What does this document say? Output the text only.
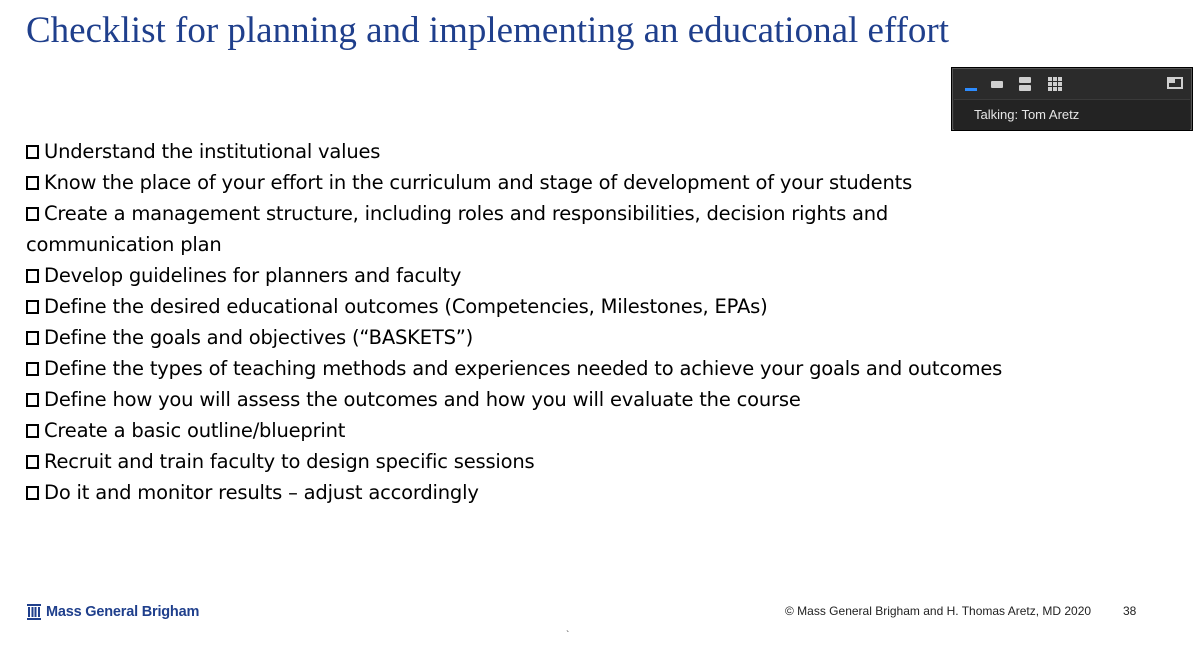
Checklist for planning and implementing an educational effort
Understand the institutional values
Know the place of your effort in the curriculum and stage of development of your students
Create a management structure, including roles and responsibilities, decision rights and communication plan
Develop guidelines for planners and faculty
Define the desired educational outcomes (Competencies, Milestones, EPAs)
Define the goals and objectives (“BASKETS”)
Define the types of teaching methods and experiences needed to achieve your goals and outcomes
Define how you will assess the outcomes and how you will evaluate the course
Create a basic outline/blueprint
Recruit and train faculty to design specific sessions
Do it and monitor results – adjust accordingly
Talking: Tom Aretz
Mass General Brigham	© Mass General Brigham and H. Thomas Aretz, MD 2020	38
`
